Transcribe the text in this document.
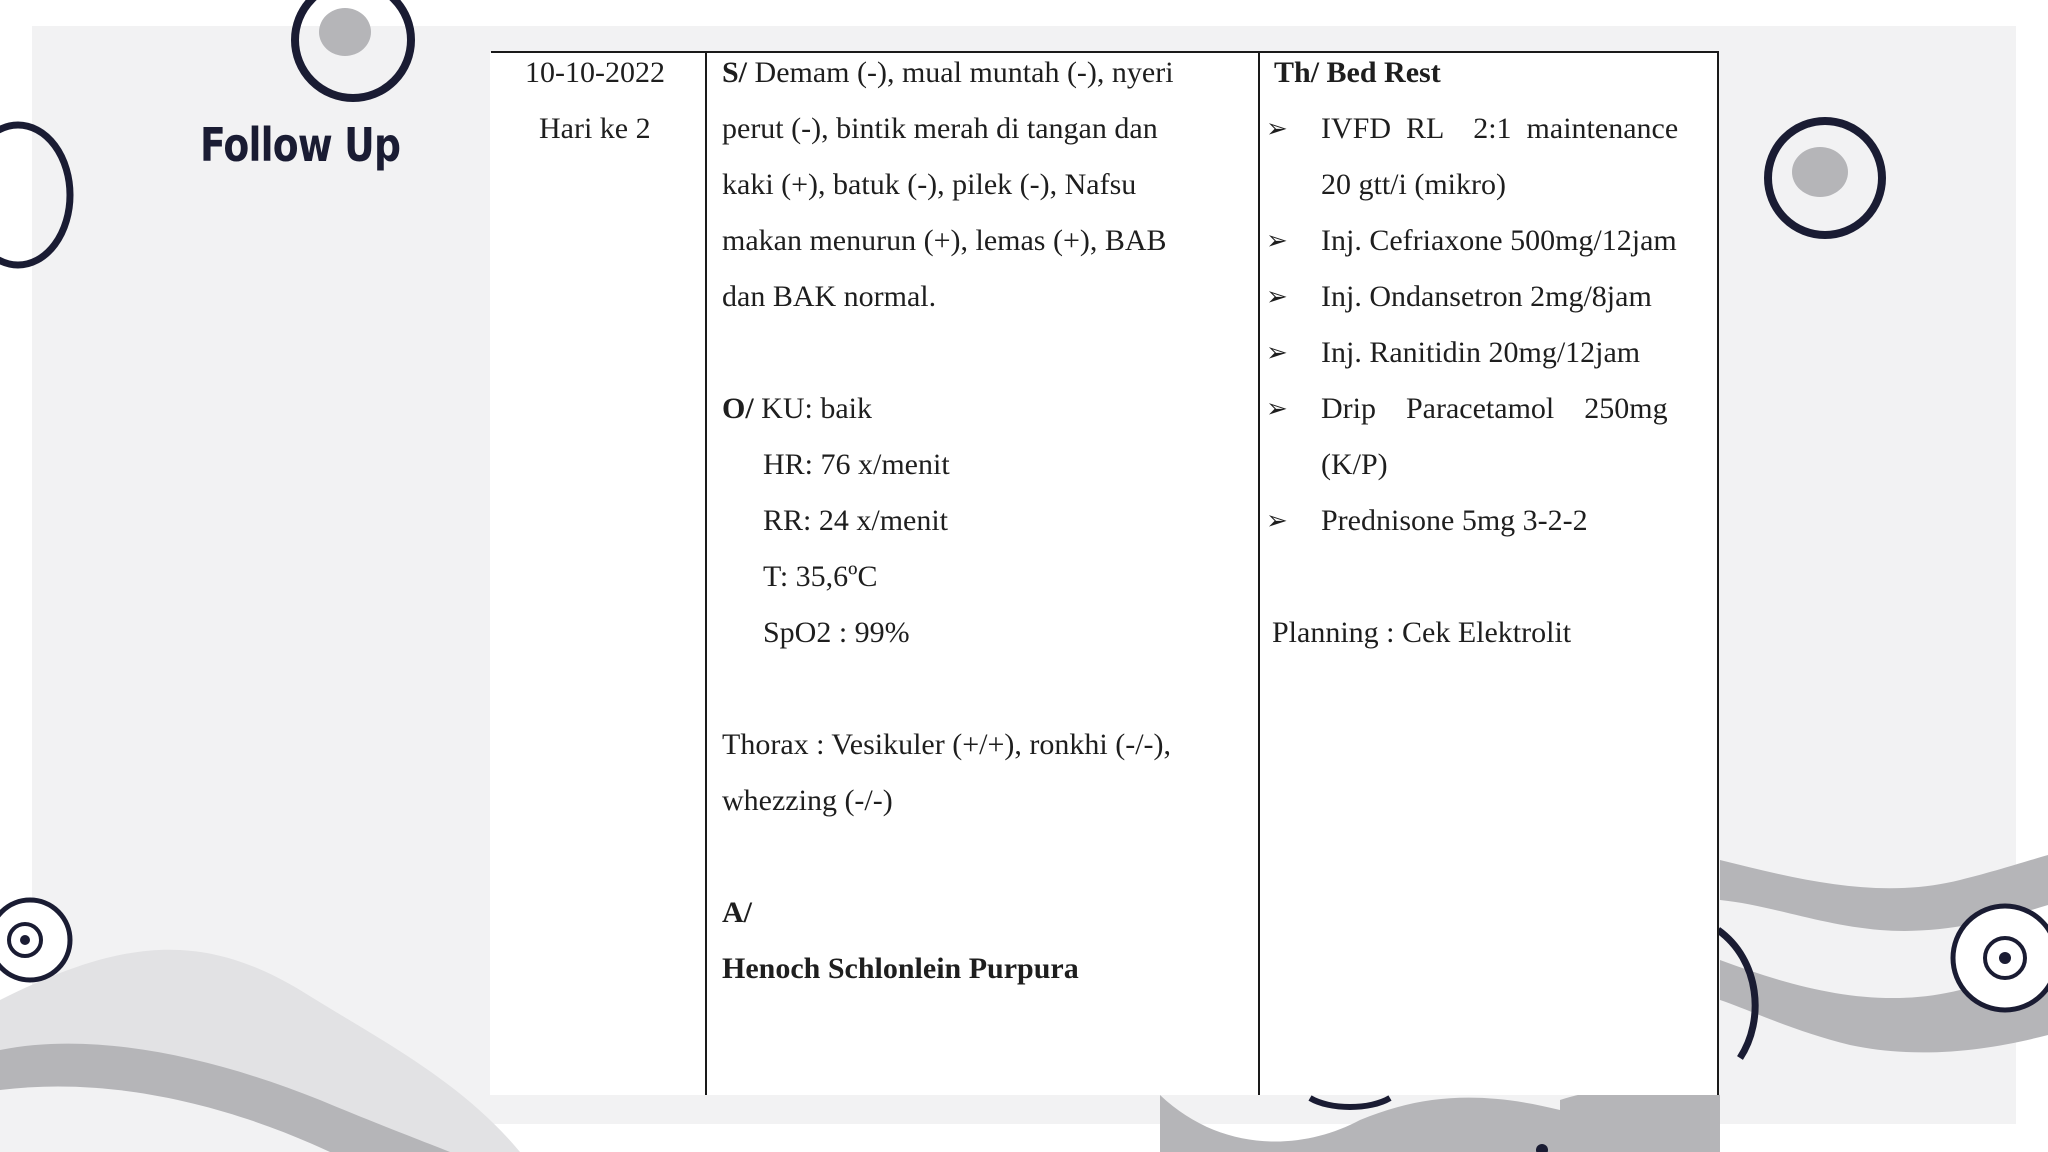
Follow Up
10-10-2022
Hari ke 2
S/ Demam (-), mual muntah (-), nyeri
perut (-), bintik merah di tangan dan
kaki (+), batuk (-), pilek (-), Nafsu
makan menurun (+), lemas (+), BAB
dan BAK normal.
O/ KU: baik
HR: 76 x/menit
RR: 24 x/menit
T: 35,6ºC
SpO2 : 99%
Thorax : Vesikuler (+/+), ronkhi (-/-),
whezzing (-/-)
A/
Henoch Schlonlein Purpura
Th/ Bed Rest
➢ IVFD  RL    2:1  maintenance
20 gtt/i (mikro)
➢ Inj. Cefriaxone 500mg/12jam
➢ Inj. Ondansetron 2mg/8jam
➢ Inj. Ranitidin 20mg/12jam
➢ Drip    Paracetamol    250mg
(K/P)
➢ Prednisone 5mg 3-2-2
Planning : Cek Elektrolit
